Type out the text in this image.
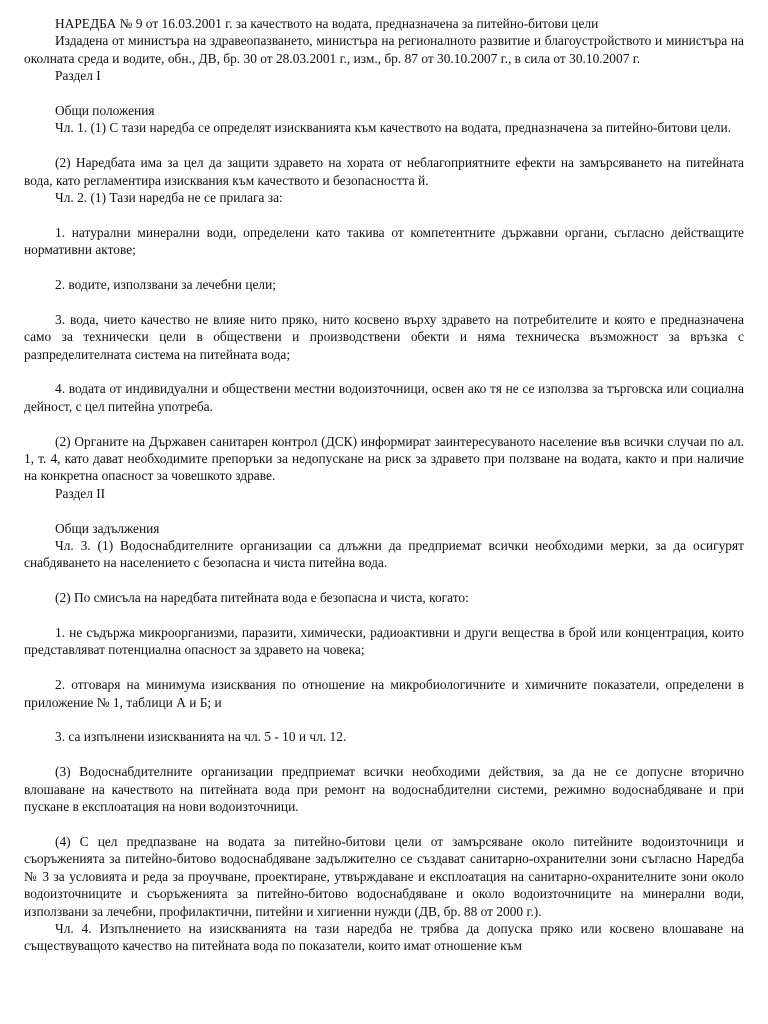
НАРЕДБА № 9 от 16.03.2001 г. за качеството на водата, предназначена за питейно-битови цели

Издадена от министъра на здравеопазването, министъра на регионалното развитие и благоустройството и министъра на околната среда и водите, обн., ДВ, бр. 30 от 28.03.2001 г., изм., бр. 87 от 30.10.2007 г., в сила от 30.10.2007 г.

Раздел I

Общи положения

Чл. 1. (1) С тази наредба се определят изискванията към качеството на водата, предназначена за питейно-битови цели.

(2) Наредбата има за цел да защити здравето на хората от неблагоприятните ефекти на замърсяването на питейната вода, като регламентира изисквания към качеството и безопасността й.

Чл. 2. (1) Тази наредба не се прилага за:

1. натурални минерални води, определени като такива от компетентните държавни органи, съгласно действащите нормативни актове;

2. водите, използвани за лечебни цели;

3. вода, чието качество не влияе нито пряко, нито косвено върху здравето на потребителите и която е предназначена само за технически цели в обществени и производствени обекти и няма техническа възможност за връзка с разпределителната система на питейната вода;

4. водата от индивидуални и обществени местни водоизточници, освен ако тя не се използва за търговска или социална дейност, с цел питейна употреба.

(2) Органите на Държавен санитарен контрол (ДСК) информират заинтересуваното население във всички случаи по ал. 1, т. 4, като дават необходимите препоръки за недопускане на риск за здравето при ползване на водата, както и при наличие на конкретна опасност за човешкото здраве.

Раздел II

Общи задължения

Чл. 3. (1) Водоснабдителните организации са длъжни да предприемат всички необходими мерки, за да осигурят снабдяването на населението с безопасна и чиста питейна вода.

(2) По смисъла на наредбата питейната вода е безопасна и чиста, когато:

1. не съдържа микроорганизми, паразити, химически, радиоактивни и други вещества в брой или концентрация, които представляват потенциална опасност за здравето на човека;

2. отговаря на минимума изисквания по отношение на микробиологичните и химичните показатели, определени в приложение № 1, таблици А и Б; и

3. са изпълнени изискванията на чл. 5 - 10 и чл. 12.

(3) Водоснабдителните организации предприемат всички необходими действия, за да не се допусне вторично влошаване на качеството на питейната вода при ремонт на водоснабдителни системи, режимно водоснабдяване и при пускане в експлоатация на нови водоизточници.

(4) С цел предпазване на водата за питейно-битови цели от замърсяване около питейните водоизточници и съоръженията за питейно-битово водоснабдяване задължително се създават санитарно-охранителни зони съгласно Наредба № 3 за условията и реда за проучване, проектиране, утвърждаване и експлоатация на санитарно-охранителните зони около водоизточниците и съоръженията за питейно-битово водоснабдяване и около водоизточниците на минерални води, използвани за лечебни, профилактични, питейни и хигиенни нужди (ДВ, бр. 88 от 2000 г.).

Чл. 4. Изпълнението на изискванията на тази наредба не трябва да допуска пряко или косвено влошаване на съществуващото качество на питейната вода по показатели, които имат отношение към
